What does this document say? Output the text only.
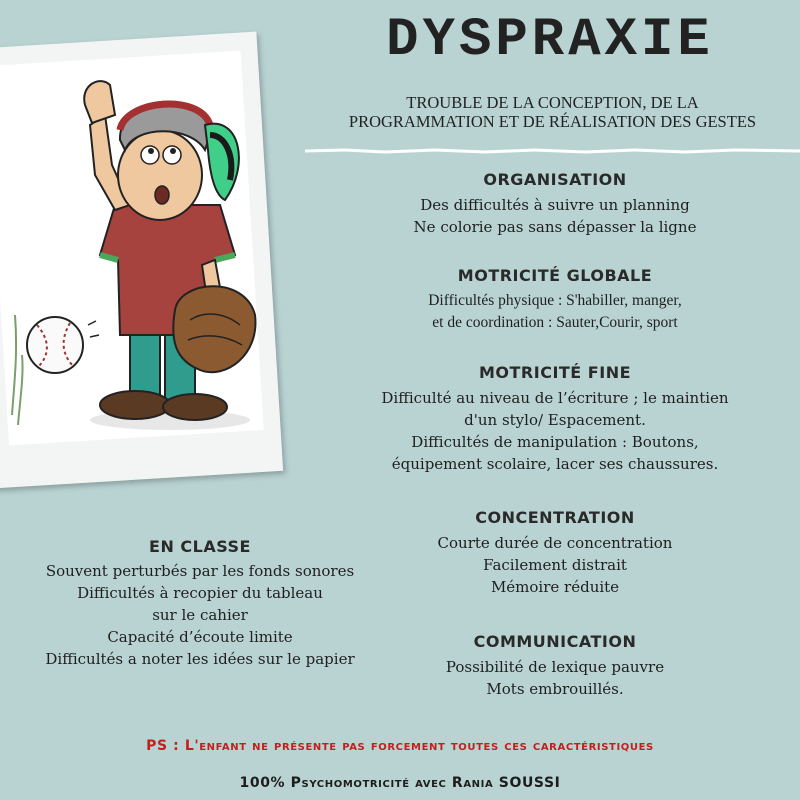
DYSPRAXIE
TROUBLE DE LA CONCEPTION, DE LA
PROGRAMMATION ET DE RÉALISATION DES GESTES
ORGANISATION
Des difficultés à suivre un planning
Ne colorie pas sans dépasser la ligne
MOTRICITÉ GLOBALE
Difficultés physique : S'habiller, manger,
et de coordination : Sauter,Courir, sport
MOTRICITÉ FINE
Difficulté au niveau de l’écriture ; le maintien
d'un stylo/ Espacement.
Difficultés de manipulation : Boutons,
équipement scolaire, lacer ses chaussures.
EN CLASSE
Souvent perturbés par les fonds sonores
Difficultés à recopier du tableau
sur le cahier
Capacité d’écoute limite
Difficultés a noter les idées sur le papier
CONCENTRATION
Courte durée de concentration
Facilement distrait
Mémoire réduite
COMMUNICATION
Possibilité de lexique pauvre
Mots embrouillés.
PS : L'enfant ne présente pas forcement toutes ces caractéristiques
100% Psychomotricité avec Rania SOUSSI
